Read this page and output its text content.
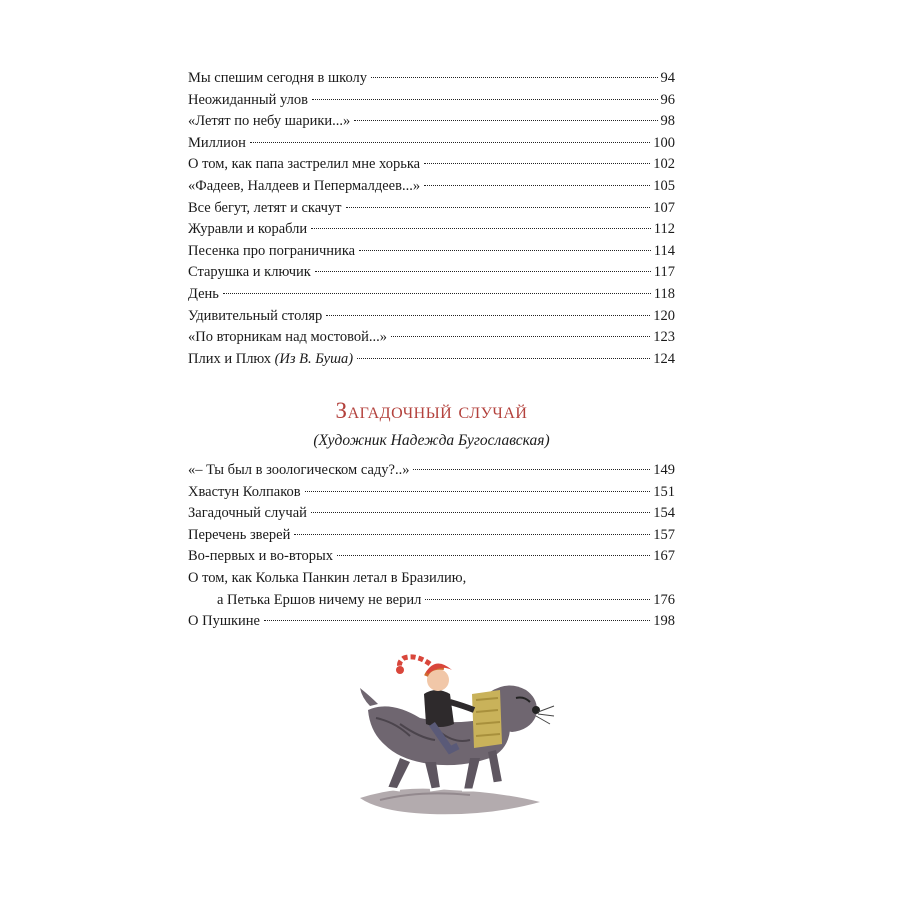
Мы спешим сегодня в школу	94
Неожиданный улов	96
«Летят по небу шарики...»	98
Миллион	100
О том, как папа застрелил мне хорька	102
«Фадеев, Налдеев и Пепермалдеев...»	105
Все бегут, летят и скачут	107
Журавли и корабли	112
Песенка про пограничника	114
Старушка и ключик	117
День	118
Удивительный столяр	120
«По вторникам над мостовой...»	123
Плих и Плюх (Из В. Буша)	124
Загадочный случай
(Художник Надежда Бугославская)
«– Ты был в зоологическом саду?..»	149
Хвастун Колпаков	151
Загадочный случай	154
Перечень зверей	157
Во-первых и во-вторых	167
О том, как Колька Панкин летал в Бразилию,
а Петька Ершов ничему не верил	176
О Пушкине	198
